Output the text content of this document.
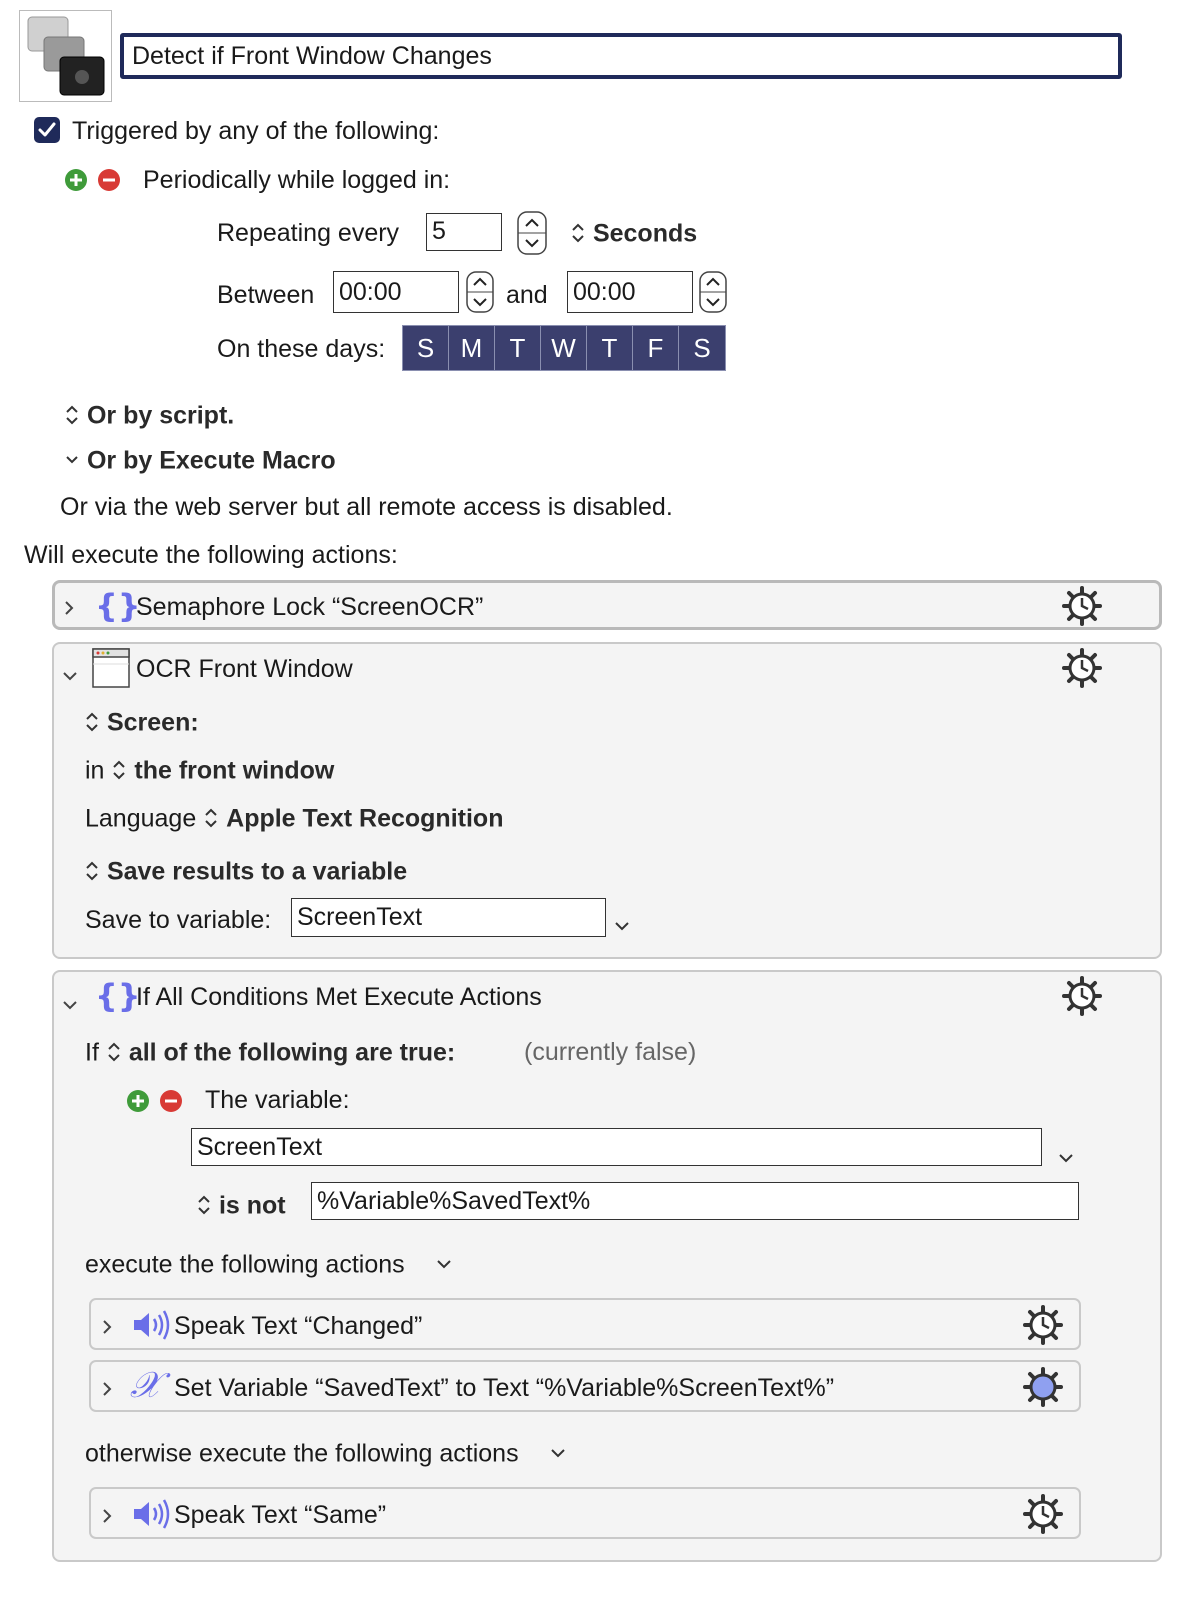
Detect if Front Window Changes
Triggered by any of the following:
Periodically while logged in:
Repeating every 5	Seconds
Between 00:00	and 00:00
On these days:	S M T W T F S
Or by script.
Or by Execute Macro
Or via the web server but all remote access is disabled.
Will execute the following actions:
{}
Semaphore Lock “ScreenOCR”
OCR Front Window
Screen:
in the front window
Language Apple Text Recognition
Save results to a variable
Save to variable: ScreenText
{}
If All Conditions Met Execute Actions
If all of the following are true:	(currently false)
The variable:
ScreenText
is not %Variable%SavedText%
execute the following actions
Speak Text “Changed”
𝒳 Set Variable “SavedText” to Text “%Variable%ScreenText%”
otherwise execute the following actions
Speak Text “Same”
